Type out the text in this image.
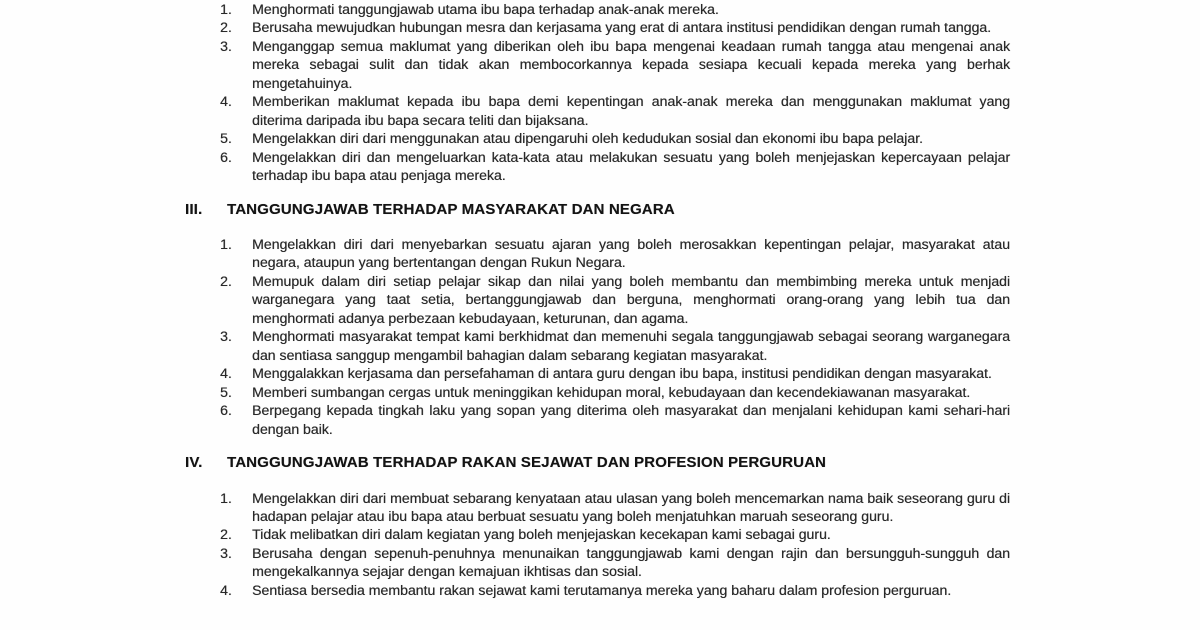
1. Menghormati tanggungjawab utama ibu bapa terhadap anak-anak mereka.
2. Berusaha mewujudkan hubungan mesra dan kerjasama yang erat di antara institusi pendidikan dengan rumah tangga.
3. Menganggap semua maklumat yang diberikan oleh ibu bapa mengenai keadaan rumah tangga atau mengenai anak mereka sebagai sulit dan tidak akan membocorkannya kepada sesiapa kecuali kepada mereka yang berhak mengetahuinya.
4. Memberikan maklumat kepada ibu bapa demi kepentingan anak-anak mereka dan menggunakan maklumat yang diterima daripada ibu bapa secara teliti dan bijaksana.
5. Mengelakkan diri dari menggunakan atau dipengaruhi oleh kedudukan sosial dan ekonomi ibu bapa pelajar.
6. Mengelakkan diri dan mengeluarkan kata-kata atau melakukan sesuatu yang boleh menjejaskan kepercayaan pelajar terhadap ibu bapa atau penjaga mereka.
III. TANGGUNGJAWAB TERHADAP MASYARAKAT DAN NEGARA
1. Mengelakkan diri dari menyebarkan sesuatu ajaran yang boleh merosakkan kepentingan pelajar, masyarakat atau negara, ataupun yang bertentangan dengan Rukun Negara.
2. Memupuk dalam diri setiap pelajar sikap dan nilai yang boleh membantu dan membimbing mereka untuk menjadi warganegara yang taat setia, bertanggungjawab dan berguna, menghormati orang-orang yang lebih tua dan menghormati adanya perbezaan kebudayaan, keturunan, dan agama.
3. Menghormati masyarakat tempat kami berkhidmat dan memenuhi segala tanggungjawab sebagai seorang warganegara dan sentiasa sanggup mengambil bahagian dalam sebarang kegiatan masyarakat.
4. Menggalakkan kerjasama dan persefahaman di antara guru dengan ibu bapa, institusi pendidikan dengan masyarakat.
5. Memberi sumbangan cergas untuk meninggikan kehidupan moral, kebudayaan dan kecendekiawanan masyarakat.
6. Berpegang kepada tingkah laku yang sopan yang diterima oleh masyarakat dan menjalani kehidupan kami sehari-hari dengan baik.
IV. TANGGUNGJAWAB TERHADAP RAKAN SEJAWAT DAN PROFESION PERGURUAN
1. Mengelakkan diri dari membuat sebarang kenyataan atau ulasan yang boleh mencemarkan nama baik seseorang guru di hadapan pelajar atau ibu bapa atau berbuat sesuatu yang boleh menjatuhkan maruah seseorang guru.
2. Tidak melibatkan diri dalam kegiatan yang boleh menjejaskan kecekapan kami sebagai guru.
3. Berusaha dengan sepenuh-penuhnya menunaikan tanggungjawab kami dengan rajin dan bersungguh-sungguh dan mengekalkannya sejajar dengan kemajuan ikhtisas dan sosial.
4. Sentiasa bersedia membantu rakan sejawat kami terutamanya mereka yang baharu dalam profesion perguruan.
